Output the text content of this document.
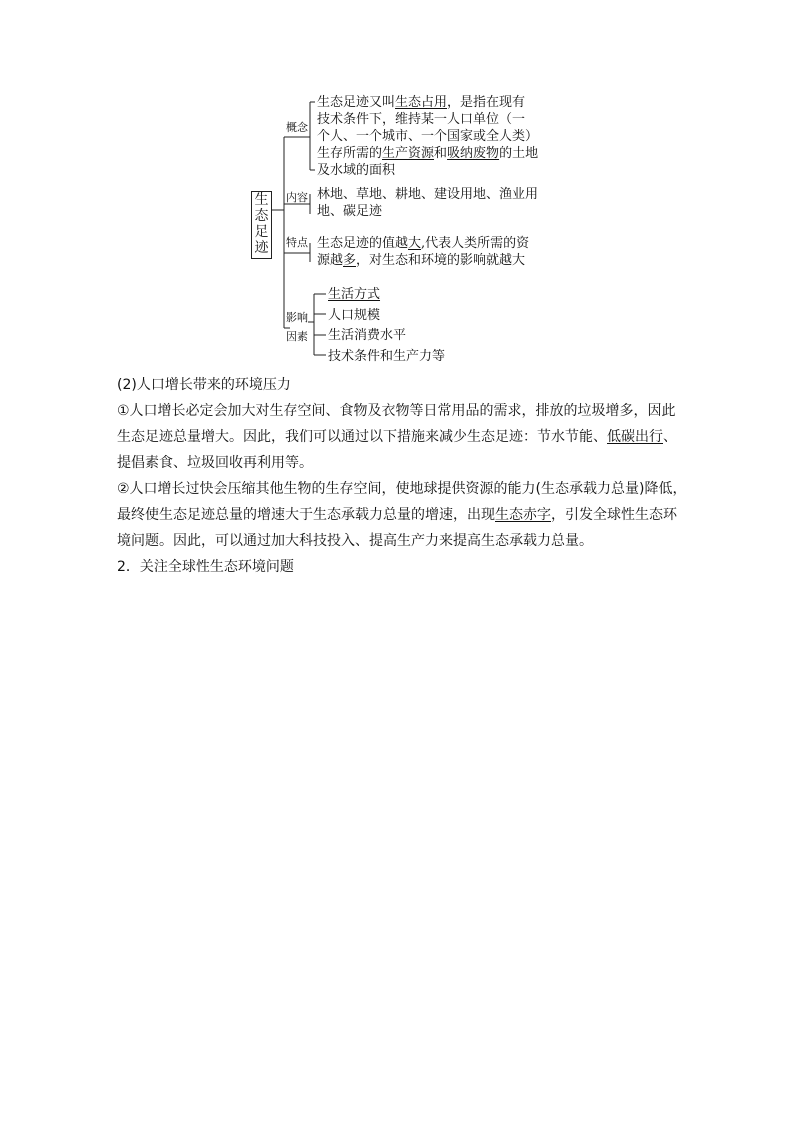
生
态
足
迹
概念
内容
特点
影响
因素
生态足迹又叫生态占用，是指在现有
技术条件下，维持某一人口单位（一
个人、一个城市、一个国家或全人类）
生存所需的生产资源和吸纳废物的土地
及水域的面积
林地、草地、耕地、建设用地、渔业用
地、碳足迹
生态足迹的值越大,代表人类所需的资
源越多，对生态和环境的影响就越大
生活方式
人口规模
生活消费水平
技术条件和生产力等
(2)人口增长带来的环境压力
①人口增长必定会加大对生存空间、食物及衣物等日常用品的需求，排放的垃圾增多，因此
生态足迹总量增大。因此，我们可以通过以下措施来减少生态足迹：节水节能、低碳出行、
提倡素食、垃圾回收再利用等。
②人口增长过快会压缩其他生物的生存空间，使地球提供资源的能力(生态承载力总量)降低，
最终使生态足迹总量的增速大于生态承载力总量的增速，出现生态赤字，引发全球性生态环
境问题。因此，可以通过加大科技投入、提高生产力来提高生态承载力总量。
2．关注全球性生态环境问题
